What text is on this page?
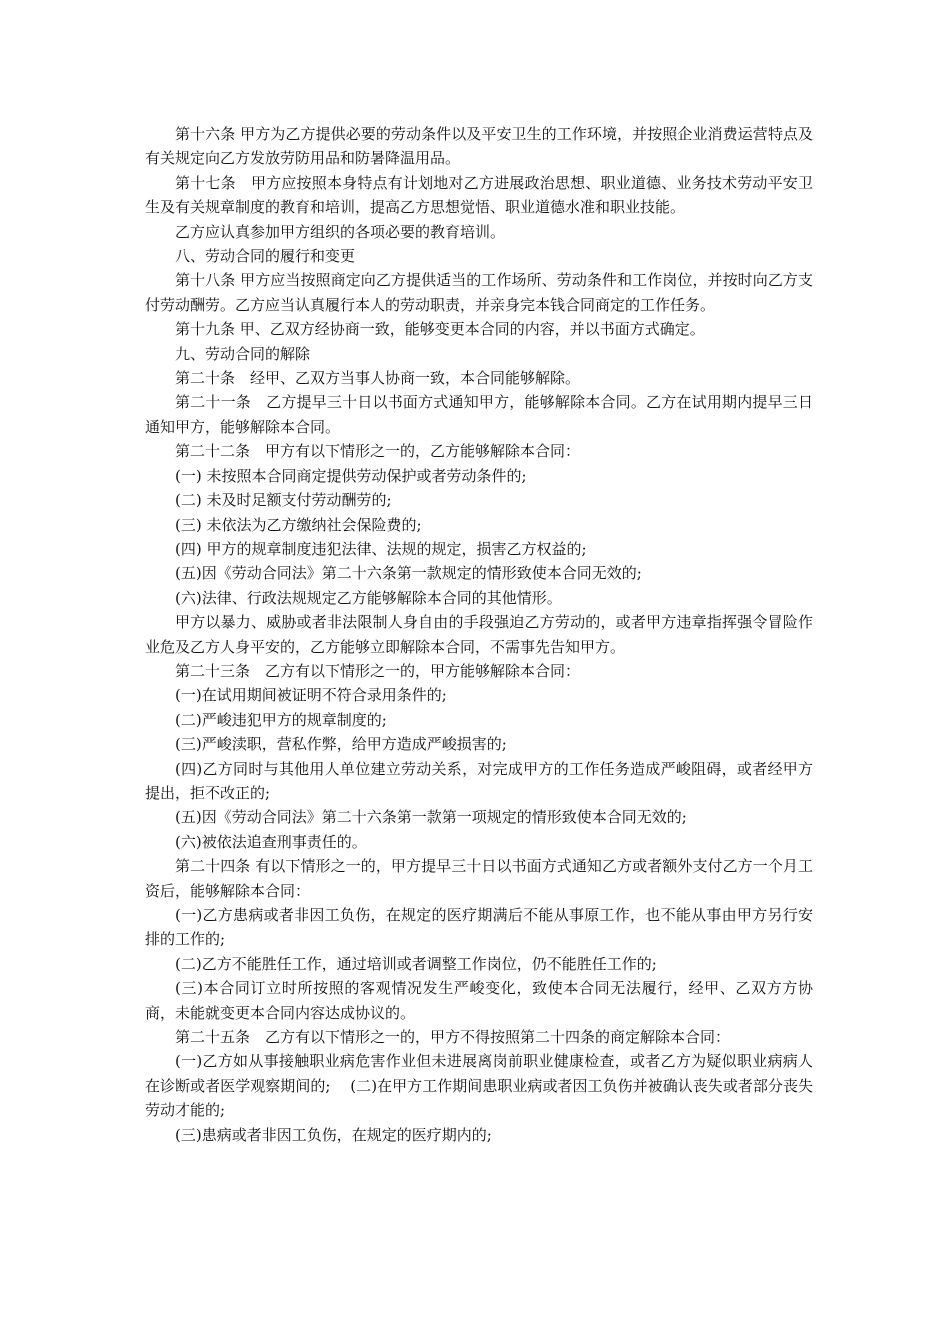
第十六条 甲方为乙方提供必要的劳动条件以及平安卫生的工作环境，并按照企业消费运营特点及有关规定向乙方发放劳防用品和防暑降温用品。

第十七条　甲方应按照本身特点有计划地对乙方进展政治思想、职业道德、业务技术劳动平安卫生及有关规章制度的教育和培训，提高乙方思想觉悟、职业道德水准和职业技能。

乙方应认真参加甲方组织的各项必要的教育培训。

八、劳动合同的履行和变更

第十八条 甲方应当按照商定向乙方提供适当的工作场所、劳动条件和工作岗位，并按时向乙方支付劳动酬劳。乙方应当认真履行本人的劳动职责，并亲身完本钱合同商定的工作任务。

第十九条 甲、乙双方经协商一致，能够变更本合同的内容，并以书面方式确定。

九、劳动合同的解除

第二十条　经甲、乙双方当事人协商一致，本合同能够解除。

第二十一条　乙方提早三十日以书面方式通知甲方，能够解除本合同。乙方在试用期内提早三日通知甲方，能够解除本合同。

第二十二条　甲方有以下情形之一的，乙方能够解除本合同：

(一) 未按照本合同商定提供劳动保护或者劳动条件的;

(二) 未及时足额支付劳动酬劳的;

(三) 未依法为乙方缴纳社会保险费的;

(四) 甲方的规章制度违犯法律、法规的规定，损害乙方权益的;

(五)因《劳动合同法》第二十六条第一款规定的情形致使本合同无效的;

(六)法律、行政法规规定乙方能够解除本合同的其他情形。

甲方以暴力、威胁或者非法限制人身自由的手段强迫乙方劳动的，或者甲方违章指挥强令冒险作业危及乙方人身平安的，乙方能够立即解除本合同，不需事先告知甲方。

第二十三条　乙方有以下情形之一的，甲方能够解除本合同：

(一)在试用期间被证明不符合录用条件的;

(二)严峻违犯甲方的规章制度的;

(三)严峻渎职，营私作弊，给甲方造成严峻损害的;

(四)乙方同时与其他用人单位建立劳动关系，对完成甲方的工作任务造成严峻阻碍，或者经甲方提出，拒不改正的;

(五)因《劳动合同法》第二十六条第一款第一项规定的情形致使本合同无效的;

(六)被依法追查刑事责任的。

第二十四条 有以下情形之一的，甲方提早三十日以书面方式通知乙方或者额外支付乙方一个月工资后，能够解除本合同：

(一)乙方患病或者非因工负伤，在规定的医疗期满后不能从事原工作，也不能从事由甲方另行安排的工作的;

(二)乙方不能胜任工作，通过培训或者调整工作岗位，仍不能胜任工作的;

(三)本合同订立时所按照的客观情况发生严峻变化，致使本合同无法履行，经甲、乙双方方协商，未能就变更本合同内容达成协议的。

第二十五条　乙方有以下情形之一的，甲方不得按照第二十四条的商定解除本合同：

(一)乙方如从事接触职业病危害作业但未进展离岗前职业健康检查，或者乙方为疑似职业病病人在诊断或者医学观察期间的;　 (二)在甲方工作期间患职业病或者因工负伤并被确认丧失或者部分丧失劳动才能的;

(三)患病或者非因工负伤，在规定的医疗期内的;
